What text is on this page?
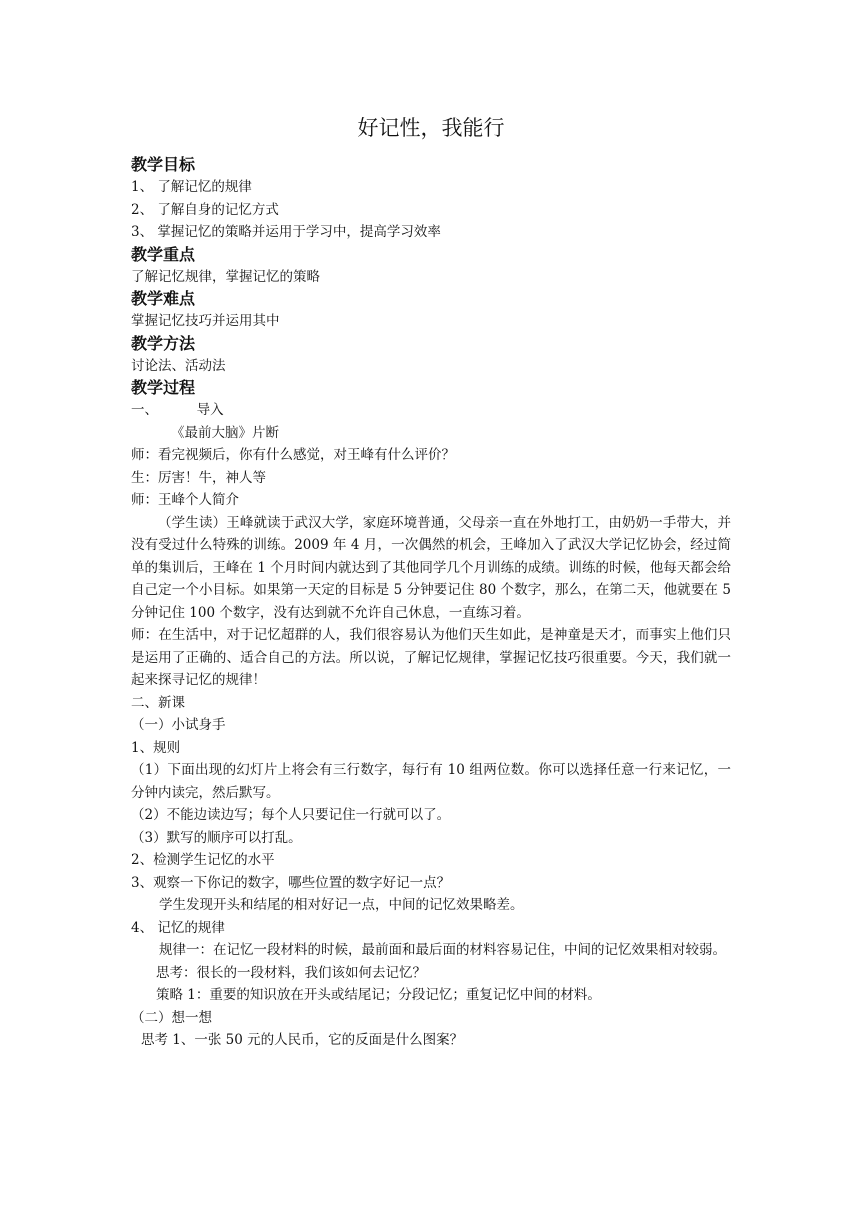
好记性，我能行
教学目标
1、 了解记忆的规律
2、 了解自身的记忆方式
3、 掌握记忆的策略并运用于学习中，提高学习效率
教学重点
了解记忆规律，掌握记忆的策略
教学难点
掌握记忆技巧并运用其中
教学方法
讨论法、活动法
教学过程
一、         导入
《最前大脑》片断
师：看完视频后，你有什么感觉，对王峰有什么评价？
生：厉害！牛，神人等
师：王峰个人简介
（学生读）王峰就读于武汉大学，家庭环境普通，父母亲一直在外地打工，由奶奶一手带大，并没有受过什么特殊的训练。2009 年 4 月，一次偶然的机会，王峰加入了武汉大学记忆协会，经过简单的集训后，王峰在 1 个月时间内就达到了其他同学几个月训练的成绩。训练的时候，他每天都会给自己定一个小目标。如果第一天定的目标是 5 分钟要记住 80 个数字，那么，在第二天，他就要在 5 分钟记住 100 个数字，没有达到就不允许自己休息，一直练习着。
师：在生活中，对于记忆超群的人，我们很容易认为他们天生如此，是神童是天才，而事实上他们只是运用了正确的、适合自己的方法。所以说，了解记忆规律，掌握记忆技巧很重要。今天，我们就一起来探寻记忆的规律！
二、新课
（一）小试身手
1、规则
（1）下面出现的幻灯片上将会有三行数字，每行有 10 组两位数。你可以选择任意一行来记忆，一分钟内读完，然后默写。
（2）不能边读边写；每个人只要记住一行就可以了。
（3）默写的顺序可以打乱。
2、检测学生记忆的水平
3、观察一下你记的数字，哪些位置的数字好记一点？
学生发现开头和结尾的相对好记一点，中间的记忆效果略差。
4、 记忆的规律
规律一：在记忆一段材料的时候，最前面和最后面的材料容易记住，中间的记忆效果相对较弱。
思考：很长的一段材料，我们该如何去记忆？
策略 1：重要的知识放在开头或结尾记；分段记忆；重复记忆中间的材料。
（二）想一想
思考 1、一张 50 元的人民币，它的反面是什么图案？
